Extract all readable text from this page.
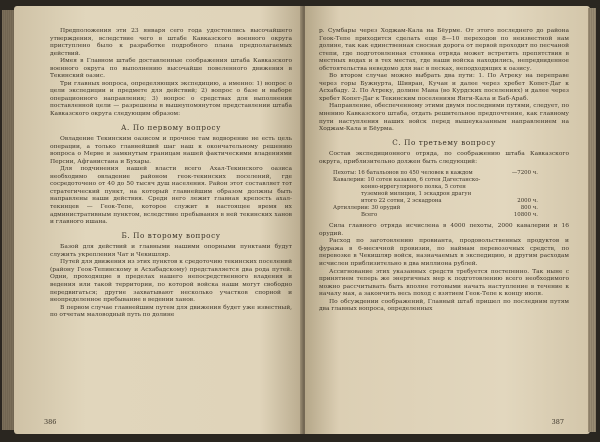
Предположения эти 23 января сего года удостоились высочайшего утверждения, вследствие чего в штабе Кавказского военного округа приступлено было к разработке подробного плана предполагаемых действий.

Имея в Главном штабе доставленные соображения штаба Кавказского военного округа по выполнению высочайше повеленного движения в Текинский оазис.

Три главных вопроса, определяющих экспедицию, а именно: 1) вопрос о цели экспедиции и предмете для действий; 2) вопрос о базе и выборе операционного направления; 3) вопрос о средствах для выполнения поставленной цели — разрешены в вышеупомянутом представлении штаба Кавказского округа следующим образом:

А. По первому вопросу

Овладение Текинским оазисом и прочное там водворение не есть цель операции, а только главнейший шаг наш к окончательному решению вопроса о Мерве и замкнутым границам нашей фактическими владениями Персии, Афганистана и Бухары.

Для подчинения нашей власти всего Ахал-Текинского оазиса необходимо овладение районом геок-текинских поселений, где сосредоточено от 40 до 50 тысяч душ населения. Район этот составляет тот стратегический пункт, на который главнейшим образом должны быть направлены наши действия. Среди него лежит главная крепость ахал-текинцев — Геок-Тепе, которое служит в настоящее время их административным пунктом, вследствие пребывания в ней текинских ханов и главного ишана.

Б. По второму вопросу

Базой для действий и главными нашими опорными пунктами будут служить укрепления Чат и Чекишляр.

Путей для движения из этих пунктов к средоточию текинских поселений (району Геок-Тепинскому и Асхабадскому) представляется два рода путей. Одни, проходящие в пределах нашего непосредственного владения и ведения или такой территории, по которой войска наши могут свободно передвигаться; другие захватывают несколько участков спорной и неопределенное пребывание в ведении ханов.

В первом случае главнейшим путем для движения будет уже известный, по отчетам маловодный путь по долине

386

р. Сумбары через Ходжам-Кала на Бёурме. От этого последнего до района Геок-Тепе приходится сделать еще 8—10 переходов по неизвестной нам долине, так как единственная сносная дорога от первой проходит по песчаной степи, где подготовленная стоянка отряда может встретить препятствия в местных водах и в тех местах, где наши войска находились, непредвиденное обстоятельства неведомо для нас в песках, неподходящих к оазису.

Во втором случае можно выбрать два пути: 1. По Атреку на переправе через горы Бужнурта, Шивран, Кучан и далее через хребет Копет-Даг к Асхабаду. 2. По Атреку, долине Мана (во Курдских поселениях) и далее через хребет Копет-Даг к Текинским поселениям Янги-Кала и Баб-Араб.

Направление, обеспеченному этими двумя последними путями, следует, по мнению Кавказского штаба, отдать решительное предпочтение, как главному пути наступления наших войск перед вышеуказанным направлением на Ходжам-Кала и Бёурма.

С. По третьему вопросу

Состав экспедиционного отряда, по соображению штаба Кавказского округа, приблизительно должен быть следующий:

Пехоты: 16 батальонов по 450 человек в каждом	—7200 ч.
Кавалерии: 10 сотен казаков, 6 сотен Дагестанско-
конно-иррегулярного полка, 5 сотен
туземной милиции, 1 эскадрон драгун
итого 22 сотни, 2 эскадрона	2000 ч.
Артиллерии: 30 орудий	800 ч.
Всего	10800 ч.

Сила главного отряда исчислена в 4000 пехоты, 2000 кавалерии и 16 орудий.

Расход по заготовлению провианта, продовольственных продуктов и фуража в 6-месячной провизии, по наймам перевозочных средств, по перевозке в Чекишляр войск, назначаемых в экспедицию, и другим расходам исчислен приблизительно в два миллиона рублей.

Ассигнование этих указанных средств требуется постепенно. Так ныне с принятием теперь же энергичных мер к подготовлению всего необходимого можно рассчитывать быть вполне готовыми начать наступление в течение к началу мая, а закончить весь поход с взятием Геок-Тепе к концу июля.

По обсуждении соображений, Главный штаб пришел по последним путям два главных вопроса, определенных

387
